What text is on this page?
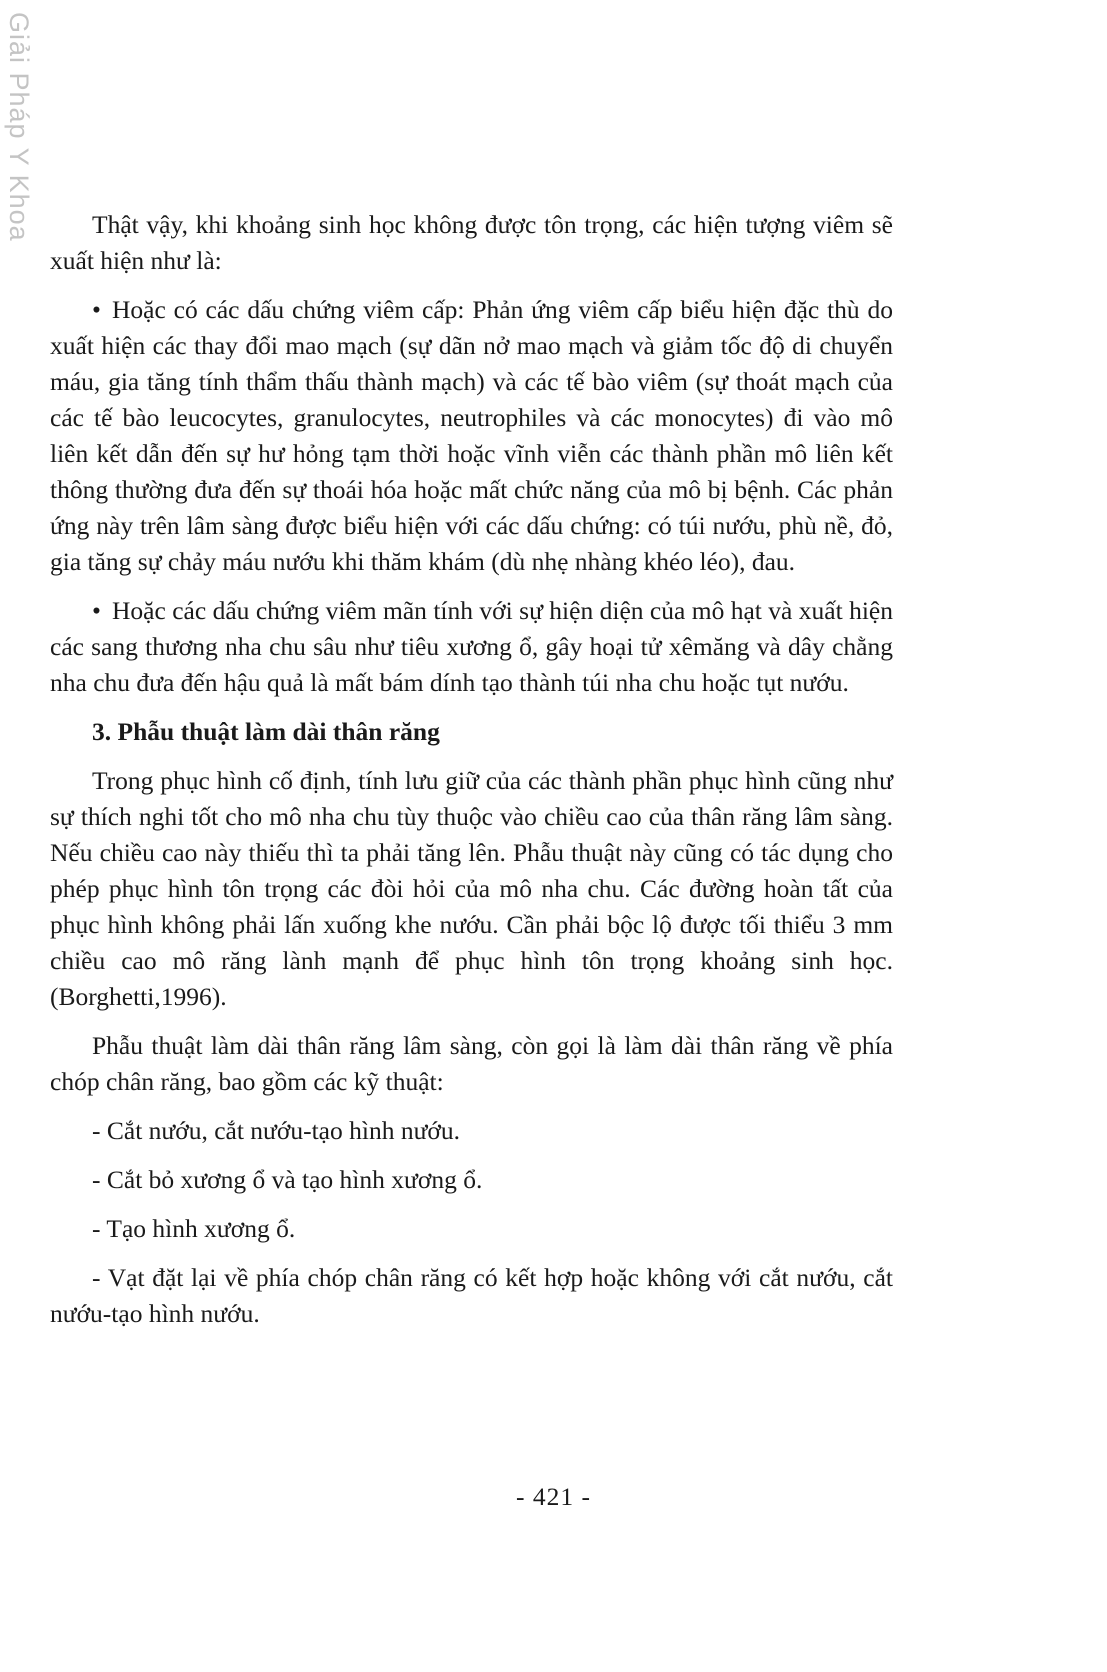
Giải Pháp Y Khoa	Thật vậy, khi khoảng sinh học không được tôn trọng, các hiện tượng viêm sẽ xuất hiện như là:

• Hoặc có các dấu chứng viêm cấp: Phản ứng viêm cấp biểu hiện đặc thù do xuất hiện các thay đổi mao mạch (sự dãn nở mao mạch và giảm tốc độ di chuyển máu, gia tăng tính thẩm thấu thành mạch) và các tế bào viêm (sự thoát mạch của các tế bào leucocytes, granulocytes, neutrophiles và các monocytes) đi vào mô liên kết dẫn đến sự hư hỏng tạm thời hoặc vĩnh viễn các thành phần mô liên kết thông thường đưa đến sự thoái hóa hoặc mất chức năng của mô bị bệnh. Các phản ứng này trên lâm sàng được biểu hiện với các dấu chứng: có túi nướu, phù nề, đỏ, gia tăng sự chảy máu nướu khi thăm khám (dù nhẹ nhàng khéo léo), đau.

• Hoặc các dấu chứng viêm mãn tính với sự hiện diện của mô hạt và xuất hiện các sang thương nha chu sâu như tiêu xương ổ, gây hoại tử xêmăng và dây chằng nha chu đưa đến hậu quả là mất bám dính tạo thành túi nha chu hoặc tụt nướu.

3. Phẫu thuật làm dài thân răng

Trong phục hình cố định, tính lưu giữ của các thành phần phục hình cũng như sự thích nghi tốt cho mô nha chu tùy thuộc vào chiều cao của thân răng lâm sàng. Nếu chiều cao này thiếu thì ta phải tăng lên. Phẫu thuật này cũng có tác dụng cho phép phục hình tôn trọng các đòi hỏi của mô nha chu. Các đường hoàn tất của phục hình không phải lấn xuống khe nướu. Cần phải bộc lộ được tối thiểu 3 mm chiều cao mô răng lành mạnh để phục hình tôn trọng khoảng sinh học. (Borghetti,1996).

Phẫu thuật làm dài thân răng lâm sàng, còn gọi là làm dài thân răng về phía chóp chân răng, bao gồm các kỹ thuật:

- Cắt nướu, cắt nướu-tạo hình nướu.

- Cắt bỏ xương ổ và tạo hình xương ổ.

- Tạo hình xương ổ.

- Vạt đặt lại về phía chóp chân răng có kết hợp hoặc không với cắt nướu, cắt nướu-tạo hình nướu.

- 421 -
